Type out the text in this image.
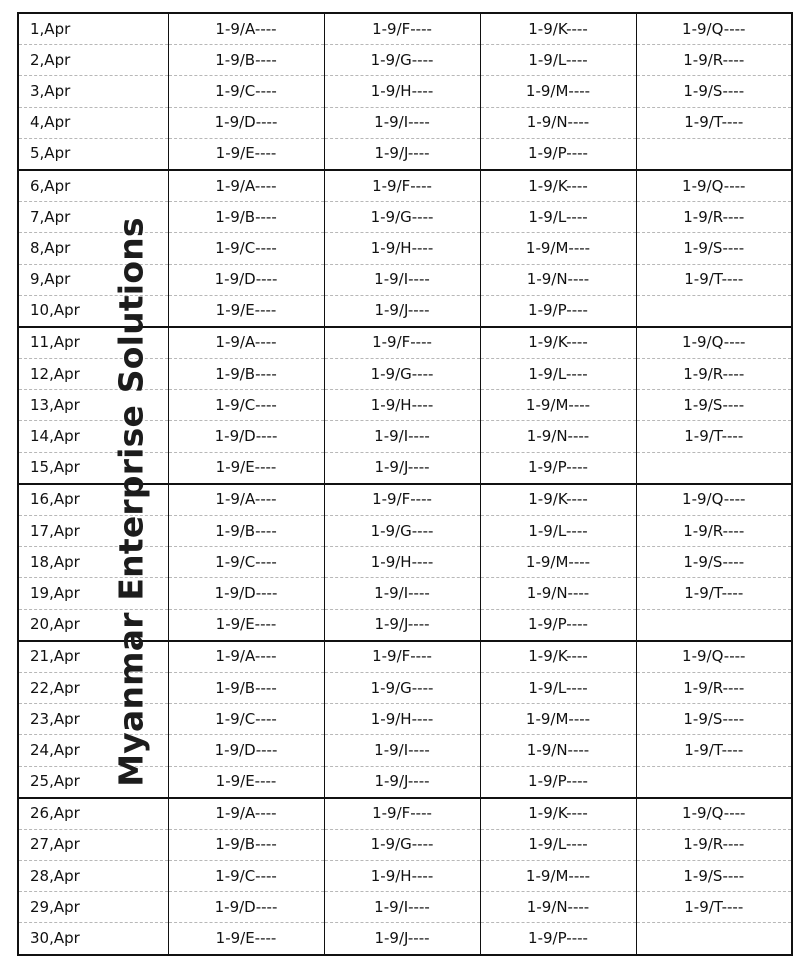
1,Apr	1-9/A----	1-9/F----	1-9/K----	1-9/Q----
2,Apr	1-9/B----	1-9/G----	1-9/L----	1-9/R----
3,Apr	1-9/C----	1-9/H----	1-9/M----	1-9/S----
4,Apr	1-9/D----	1-9/I----	1-9/N----	1-9/T----
5,Apr	1-9/E----	1-9/J----	1-9/P----	
6,Apr	1-9/A----	1-9/F----	1-9/K----	1-9/Q----
7,Apr	1-9/B----	1-9/G----	1-9/L----	1-9/R----
8,Apr	1-9/C----	1-9/H----	1-9/M----	1-9/S----
9,Apr	1-9/D----	1-9/I----	1-9/N----	1-9/T----
10,Apr	1-9/E----	1-9/J----	1-9/P----	
11,Apr	1-9/A----	1-9/F----	1-9/K----	1-9/Q----
12,Apr	1-9/B----	1-9/G----	1-9/L----	1-9/R----
13,Apr	1-9/C----	1-9/H----	1-9/M----	1-9/S----
14,Apr	1-9/D----	1-9/I----	1-9/N----	1-9/T----
15,Apr	1-9/E----	1-9/J----	1-9/P----	
16,Apr	1-9/A----	1-9/F----	1-9/K----	1-9/Q----
17,Apr	1-9/B----	1-9/G----	1-9/L----	1-9/R----
18,Apr	1-9/C----	1-9/H----	1-9/M----	1-9/S----
19,Apr	1-9/D----	1-9/I----	1-9/N----	1-9/T----
20,Apr	1-9/E----	1-9/J----	1-9/P----	
21,Apr	1-9/A----	1-9/F----	1-9/K----	1-9/Q----
22,Apr	1-9/B----	1-9/G----	1-9/L----	1-9/R----
23,Apr	1-9/C----	1-9/H----	1-9/M----	1-9/S----
24,Apr	1-9/D----	1-9/I----	1-9/N----	1-9/T----
25,Apr	1-9/E----	1-9/J----	1-9/P----	
26,Apr	1-9/A----	1-9/F----	1-9/K----	1-9/Q----
27,Apr	1-9/B----	1-9/G----	1-9/L----	1-9/R----
28,Apr	1-9/C----	1-9/H----	1-9/M----	1-9/S----
29,Apr	1-9/D----	1-9/I----	1-9/N----	1-9/T----
30,Apr	1-9/E----	1-9/J----	1-9/P----	
Myanmar Enterprise Solutions
